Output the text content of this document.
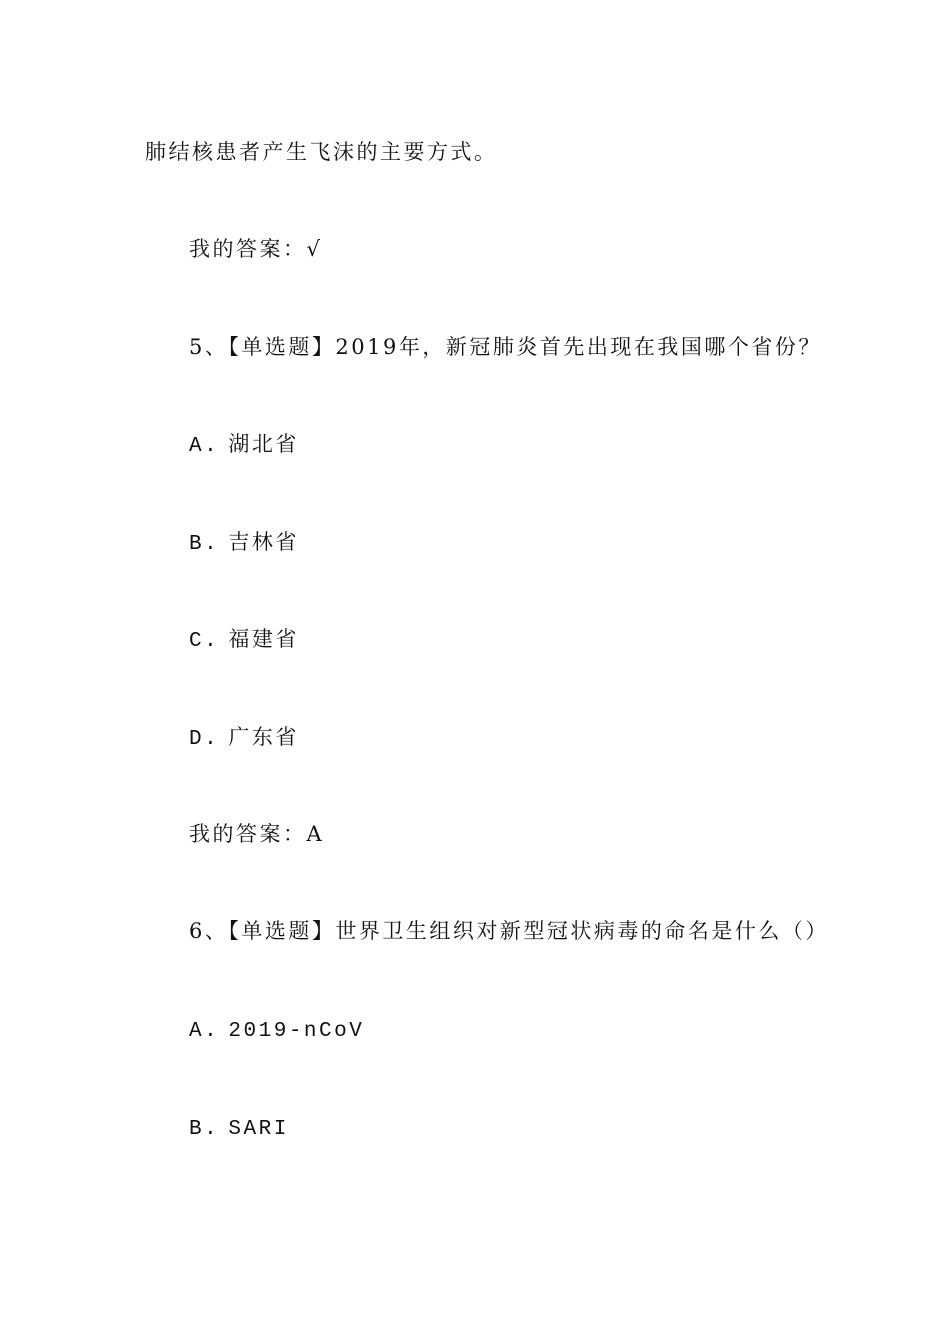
肺结核患者产生飞沫的主要方式。
我的答案：√
5、【单选题】2019年，新冠肺炎首先出现在我国哪个省份？
A. 湖北省
B. 吉林省
C. 福建省
D. 广东省
我的答案：A
6、【单选题】世界卫生组织对新型冠状病毒的命名是什么（）
A. 2019-nCoV
B. SARI
